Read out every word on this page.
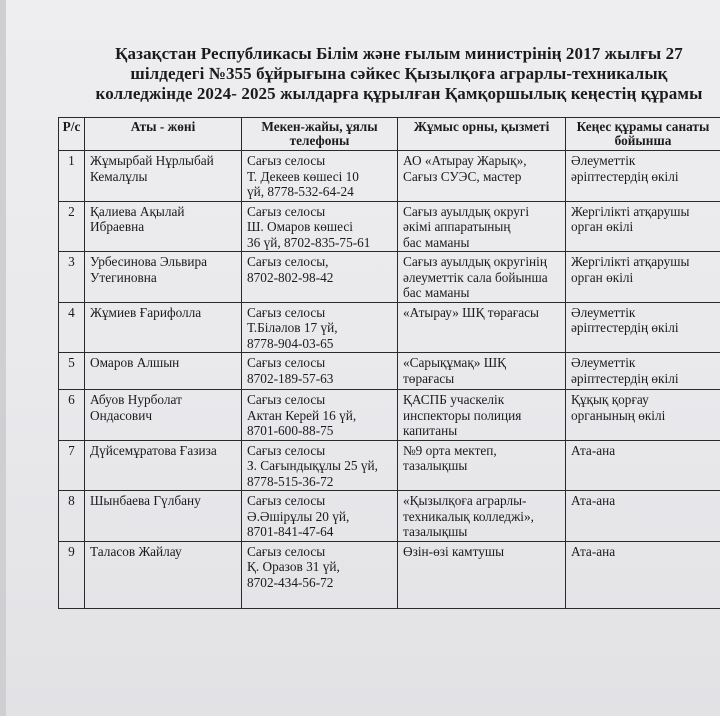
Қазақстан Республикасы Білім және ғылым министрінің 2017 жылғы 27
шілдедегі №355 бұйрығына сәйкес Қызылқоға аграрлы-техникалық
колледжінде 2024- 2025 жылдарға құрылған Қамқоршылық кеңестің құрамы
Р/с	Аты - жөні	Мекен-жайы, ұялы телефоны	Жұмыс орны, қызметі	Кеңес құрамы санаты бойынша
1	Жұмырбай Нұрлыбай
Кемалұлы	Сағыз селосы
Т. Декеев көшесі 10
үй, 8778-532-64-24	АО «Атырау Жарық»,
Сағыз СУЭС, мастер	Әлеуметтік
әріптестердің өкілі

2	Қалиева Ақылай
Ибраевна	Сағыз селосы
Ш. Омаров көшесі
36 үй, 8702-835-75-61	Сағыз ауылдық округі
әкімі аппаратының
бас маманы	Жергілікті атқарушы
орган өкілі

3	Урбесинова Эльвира
Утегиновна	Сағыз селосы,
8702-802-98-42	Сағыз ауылдық округінің
әлеуметтік сала бойынша
бас маманы	Жергілікті атқарушы
орган өкілі

4	Жұмиев Ғарифолла	Сағыз селосы
Т.Біләлов 17 үй,
8778-904-03-65	«Атырау» ШҚ төрағасы	Әлеуметтік
әріптестердің өкілі

5	Омаров Алшын	Сағыз селосы
8702-189-57-63	«Сарықұмақ» ШҚ
төрағасы	Әлеуметтік
әріптестердің өкілі

6	Абуов Нурболат
Ондасович	Сағыз селосы
Актан Керей 16 үй,
8701-600-88-75	ҚАСПБ учаскелік
инспекторы полиция
капитаны	Құқық қорғау
органының өкілі

7	Дүйсемұратова Ғазиза	Сағыз селосы
З. Сағындықұлы 25 үй,
8778-515-36-72	№9 орта мектеп,
тазалықшы	Ата-ана

8	Шынбаева Гүлбану	Сағыз селосы
Ә.Әшірұлы 20 үй,
8701-841-47-64	«Қызылқоға аграрлы-
техникалық колледжі»,
тазалықшы	Ата-ана

9	Таласов Жайлау	Сағыз селосы
Қ. Оразов 31 үй,
8702-434-56-72	Өзін-өзі камтушы	Ата-ана
